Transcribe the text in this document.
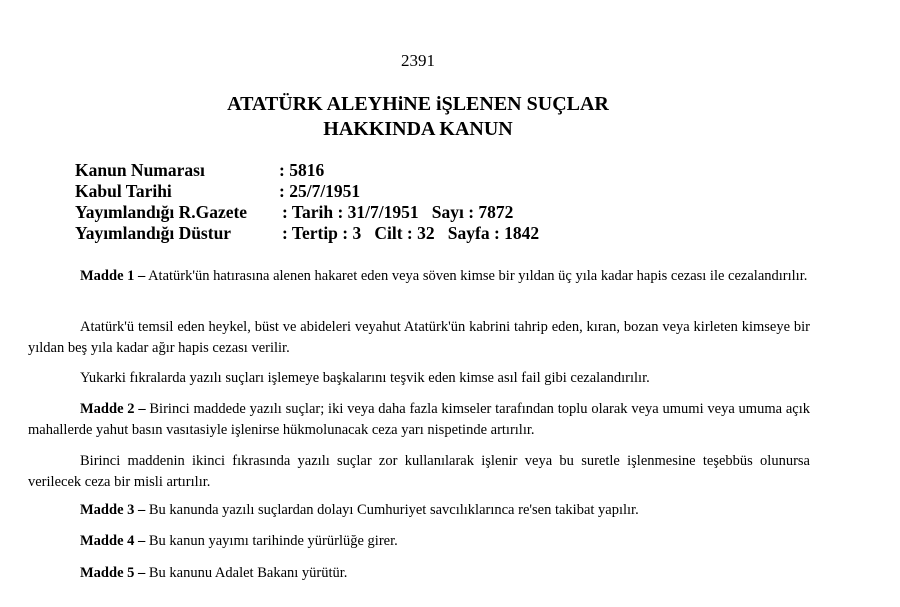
2391
ATATÜRK ALEYHiNE iŞLENEN SUÇLAR
HAKKINDA KANUN
Kanun Numarası	: 5816
Kabul Tarihi	: 25/7/1951
Yayımlandığı R.Gazete	: Tarih : 31/7/1951   Sayı : 7872
Yayımlandığı Düstur	: Tertip : 3   Cilt : 32   Sayfa : 1842
Madde 1 – Atatürk'ün hatırasına alenen hakaret eden veya söven kimse bir yıldan üç yıla kadar hapis cezası ile cezalandırılır.
Atatürk'ü temsil eden heykel, büst ve abideleri veyahut Atatürk'ün kabrini tahrip eden, kıran, bozan veya kirleten kimseye bir yıldan beş yıla kadar ağır hapis cezası verilir.
Yukarki fıkralarda yazılı suçları işlemeye başkalarını teşvik eden kimse asıl fail gibi cezalandırılır.
Madde 2 – Birinci maddede yazılı suçlar; iki veya daha fazla kimseler tarafından toplu olarak veya umumi veya umuma açık mahallerde yahut basın vasıtasiyle işlenirse hükmolunacak ceza yarı nispetinde artırılır.
Birinci maddenin ikinci fıkrasında yazılı suçlar zor kullanılarak işlenir veya bu suretle işlenmesine teşebbüs olunursa verilecek ceza bir misli artırılır.
Madde 3 – Bu kanunda yazılı suçlardan dolayı Cumhuriyet savcılıklarınca re'sen takibat yapılır.
Madde 4 – Bu kanun yayımı tarihinde yürürlüğe girer.
Madde 5 – Bu kanunu Adalet Bakanı yürütür.
